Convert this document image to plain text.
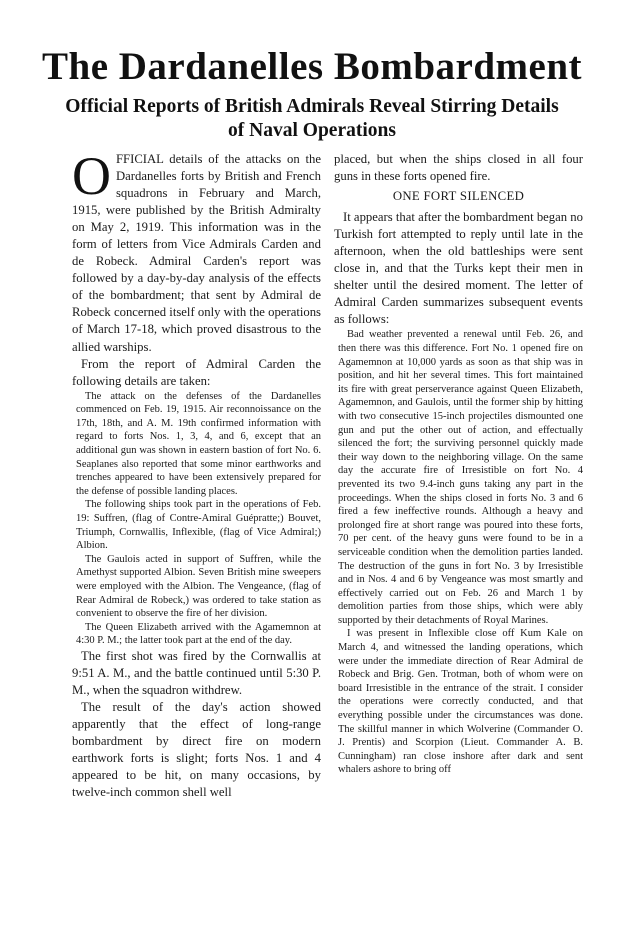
The Dardanelles Bombardment
Official Reports of British Admirals Reveal Stirring Details of Naval Operations

OFFICIAL details of the attacks on the Dardanelles forts by British and French squadrons in February and March, 1915, were published by the British Admiralty on May 2, 1919. This information was in the form of letters from Vice Admirals Carden and de Robeck. Admiral Carden's report was followed by a day-by-day analysis of the effects of the bombardment; that sent by Admiral de Robeck concerned itself only with the operations of March 17-18, which proved disastrous to the allied warships.

From the report of Admiral Carden the following details are taken:

The attack on the defenses of the Dardanelles commenced on Feb. 19, 1915. Air reconnoissance on the 17th, 18th, and A. M. 19th confirmed information with regard to forts Nos. 1, 3, 4, and 6, except that an additional gun was shown in eastern bastion of fort No. 6. Seaplanes also reported that some minor earthworks and trenches appeared to have been extensively prepared for the defense of possible landing places.

The following ships took part in the operations of Feb. 19: Suffren, (flag of Contre-Amiral Guépratte;) Bouvet, Triumph, Cornwallis, Inflexible, (flag of Vice Admiral;) Albion.

The Gaulois acted in support of Suffren, while the Amethyst supported Albion. Seven British mine sweepers were employed with the Albion. The Vengeance, (flag of Rear Admiral de Robeck,) was ordered to take station as convenient to observe the fire of her division.

The Queen Elizabeth arrived with the Agamemnon at 4:30 P. M.; the latter took part at the end of the day.

The first shot was fired by the Cornwallis at 9:51 A. M., and the battle continued until 5:30 P. M., when the squadron withdrew.

The result of the day's action showed apparently that the effect of long-range bombardment by direct fire on modern earthwork forts is slight; forts Nos. 1 and 4 appeared to be hit, on many occasions, by twelve-inch common shell well

placed, but when the ships closed in all four guns in these forts opened fire.

ONE FORT SILENCED

It appears that after the bombardment began no Turkish fort attempted to reply until late in the afternoon, when the old battleships were sent close in, and that the Turks kept their men in shelter until the desired moment. The letter of Admiral Carden summarizes subsequent events as follows:

Bad weather prevented a renewal until Feb. 26, and then there was this difference. Fort No. 1 opened fire on Agamemnon at 10,000 yards as soon as that ship was in position, and hit her several times. This fort maintained its fire with great perserverance against Queen Elizabeth, Agamemnon, and Gaulois, until the former ship by hitting with two consecutive 15-inch projectiles dismounted one gun and put the other out of action, and effectually silenced the fort; the surviving personnel quickly made their way down to the neighboring village. On the same day the accurate fire of Irresistible on fort No. 4 prevented its two 9.4-inch guns taking any part in the proceedings. When the ships closed in forts No. 3 and 6 fired a few ineffective rounds. Although a heavy and prolonged fire at short range was poured into these forts, 70 per cent. of the heavy guns were found to be in a serviceable condition when the demolition parties landed. The destruction of the guns in fort No. 3 by Irresistible and in Nos. 4 and 6 by Vengeance was most smartly and effectively carried out on Feb. 26 and March 1 by demolition parties from those ships, which were ably supported by their detachments of Royal Marines.

I was present in Inflexible close off Kum Kale on March 4, and witnessed the landing operations, which were under the immediate direction of Rear Admiral de Robeck and Brig. Gen. Trotman, both of whom were on board Irresistible in the entrance of the strait. I consider the operations were correctly conducted, and that everything possible under the circumstances was done. The skillful manner in which Wolverine (Commander O. J. Prentis) and Scorpion (Lieut. Commander A. B. Cunningham) ran close inshore after dark and sent whalers ashore to bring off
